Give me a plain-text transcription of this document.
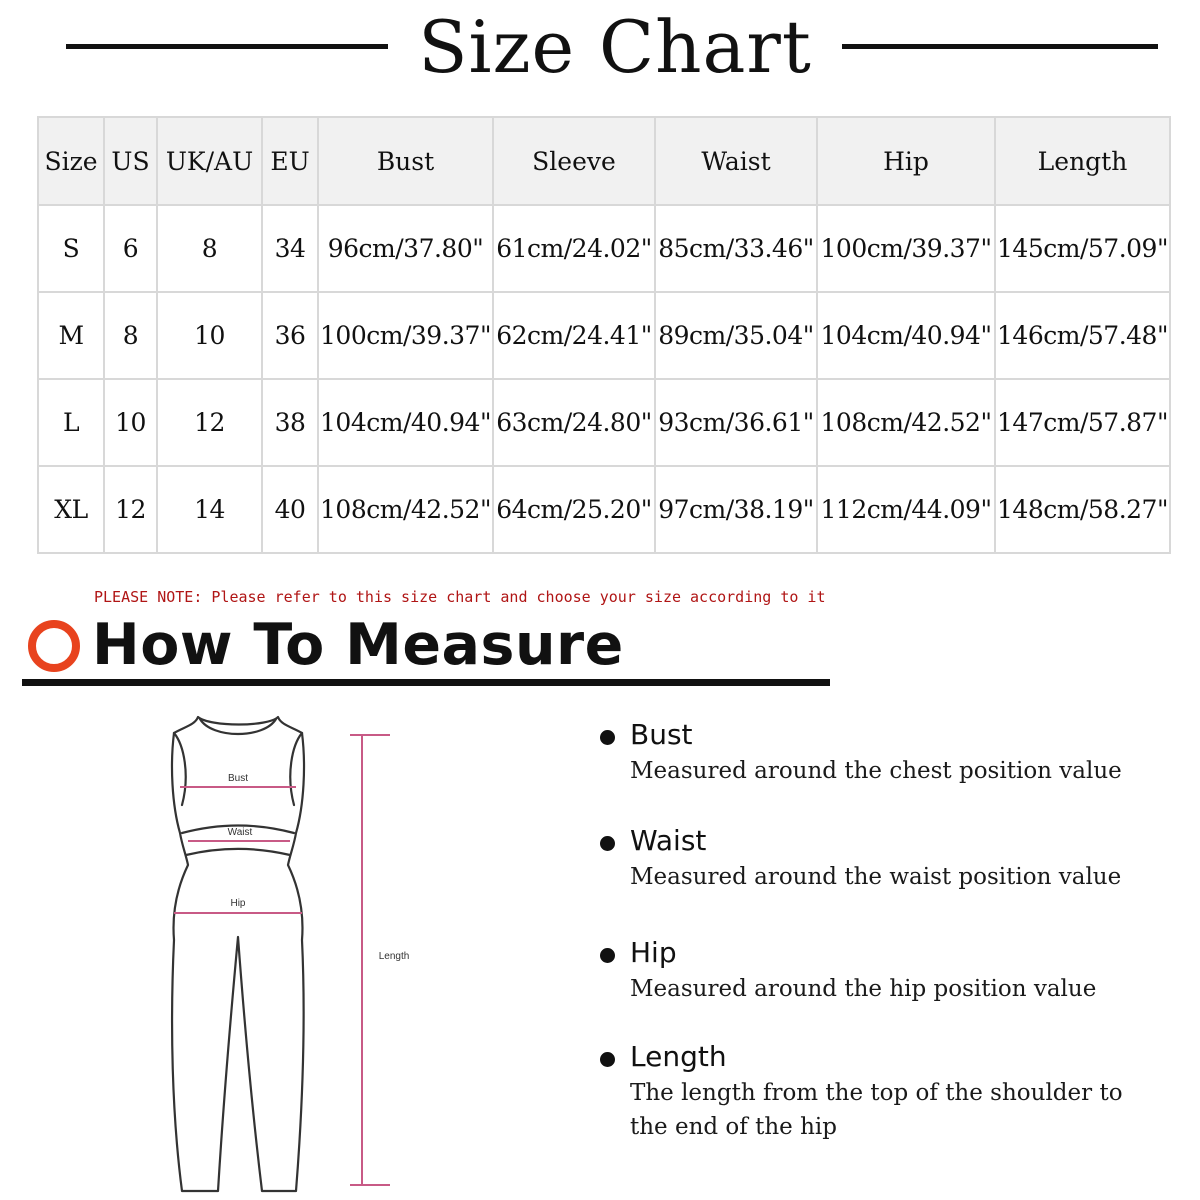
Size Chart
Size	US	UK/AU	EU	Bust	Sleeve	Waist	Hip	Length
S	6	8	34	96cm/37.80"	61cm/24.02"	85cm/33.46"	100cm/39.37"	145cm/57.09"
M	8	10	36	100cm/39.37"	62cm/24.41"	89cm/35.04"	104cm/40.94"	146cm/57.48"
L	10	12	38	104cm/40.94"	63cm/24.80"	93cm/36.61"	108cm/42.52"	147cm/57.87"
XL	12	14	40	108cm/42.52"	64cm/25.20"	97cm/38.19"	112cm/44.09"	148cm/58.27"
PLEASE NOTE: Please refer to this size chart and choose your size according to it
How To Measure
Bust
Waist
Hip
Length
Bust
Measured around the chest position value
Waist
Measured around the waist position value
Hip
Measured around the hip position value
Length
The length from the top of the shoulder to the end of the hip
